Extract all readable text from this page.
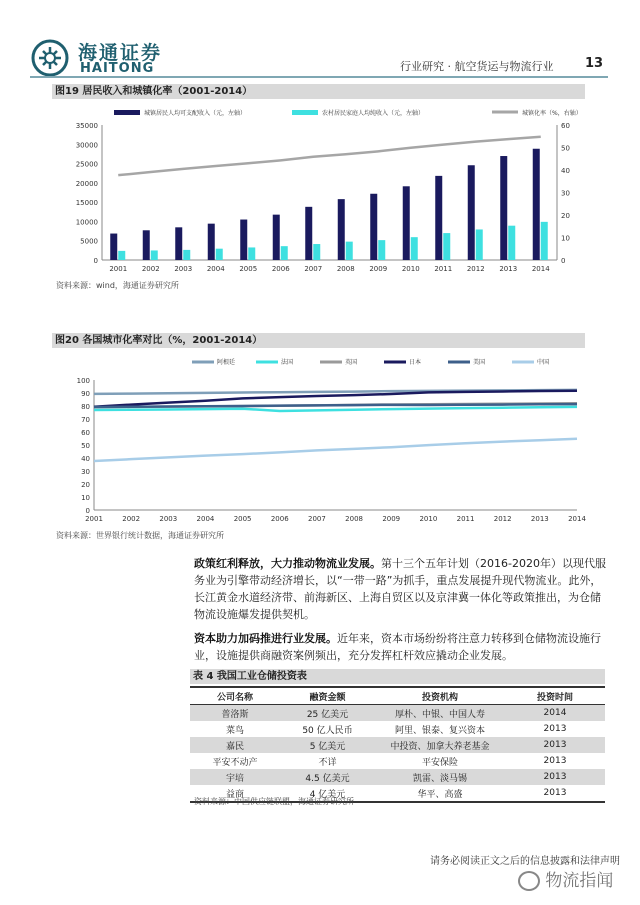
海通证券
HAITONG	行业研究 · 航空货运与物流行业 13
图19 居民收入和城镇化率（2001-2014）
城镇居民人均可支配收入（元，左轴）	农村居民家庭人均纯收入（元，左轴）	城镇化率（%，右轴）
0
5000
10000
15000
20000
25000
30000
35000
0
10
20
30
40
50
60
2001 2002 2003 2004 2005 2006 2007 2008 2009 2010 2011 2012 2013 2014
资料来源：wind，海通证券研究所
图20 各国城市化率对比（%，2001-2014）
阿根廷	法国	英国	日本	美国	中国
0
10
20
30
40
50
60
70
80
90
100
2001	2002	2003	2004	2005	2006	2007	2008	2009	2010	2011	2012	2013	2014
资料来源：世界银行统计数据，海通证券研究所
政策红利释放，大力推动物流业发展。第十三个五年计划（2016-2020年）以现代服务业为引擎带动经济增长，以“一带一路”为抓手，重点发展提升现代物流业。此外，长江黄金水道经济带、前海新区、上海自贸区以及京津冀一体化等政策推出，为仓储物流设施爆发提供契机。
资本助力加码推进行业发展。近年来，资本市场纷纷将注意力转移到仓储物流设施行业，设施提供商融资案例频出，充分发挥杠杆效应撬动企业发展。
表 4 我国工业仓储投资表
公司名称	融资金额	投资机构	投资时间
普洛斯	25 亿美元	厚朴、中银、中国人寿	2014
菜鸟	50 亿人民币	阿里、银泰、复兴资本	2013
嘉民	5 亿美元	中投资、加拿大养老基金	2013
平安不动产	不详	平安保险	2013
宇培	4.5 亿美元	凯雷、淡马锡	2013
益商	4 亿美元	华平、高盛	2013
资料来源：中国供应链联盟，海通证券研究所
请务必阅读正文之后的信息披露和法律声明
物流指闻
